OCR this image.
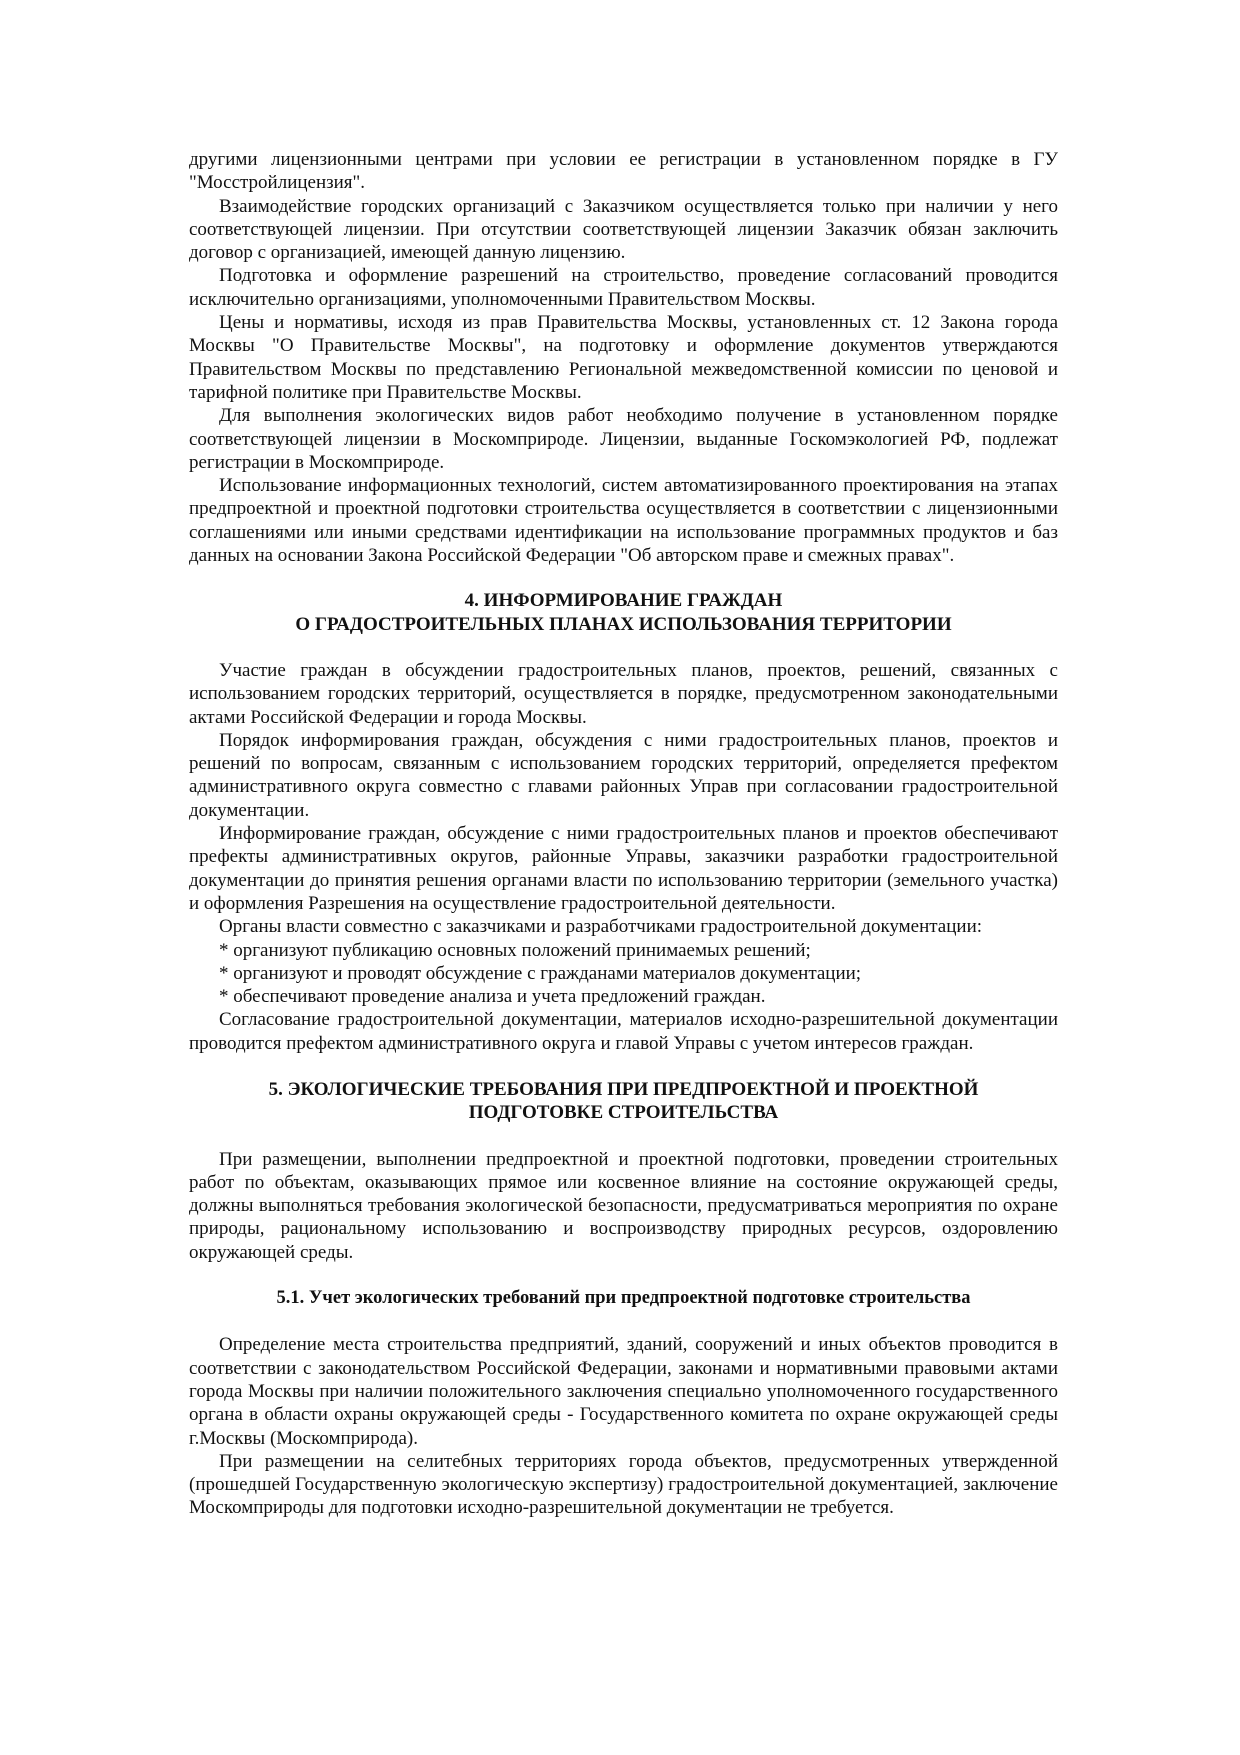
другими лицензионными центрами при условии ее регистрации в установленном порядке в ГУ "Мосстройлицензия".

Взаимодействие городских организаций с Заказчиком осуществляется только при наличии у него соответствующей лицензии. При отсутствии соответствующей лицензии Заказчик обязан заключить договор с организацией, имеющей данную лицензию.

Подготовка и оформление разрешений на строительство, проведение согласований проводится исключительно организациями, уполномоченными Правительством Москвы.

Цены и нормативы, исходя из прав Правительства Москвы, установленных ст. 12 Закона города Москвы "О Правительстве Москвы", на подготовку и оформление документов утверждаются Правительством Москвы по представлению Региональной межведомственной комиссии по ценовой и тарифной политике при Правительстве Москвы.

Для выполнения экологических видов работ необходимо получение в установленном порядке соответствующей лицензии в Москомприроде. Лицензии, выданные Госкомэкологией РФ, подлежат регистрации в Москомприроде.

Использование информационных технологий, систем автоматизированного проектирования на этапах предпроектной и проектной подготовки строительства осуществляется в соответствии с лицензионными соглашениями или иными средствами идентификации на использование программных продуктов и баз данных на основании Закона Российской Федерации "Об авторском праве и смежных правах".

4. ИНФОРМИРОВАНИЕ ГРАЖДАН
О ГРАДОСТРОИТЕЛЬНЫХ ПЛАНАХ ИСПОЛЬЗОВАНИЯ ТЕРРИТОРИИ

Участие граждан в обсуждении градостроительных планов, проектов, решений, связанных с использованием городских территорий, осуществляется в порядке, предусмотренном законодательными актами Российской Федерации и города Москвы.

Порядок информирования граждан, обсуждения с ними градостроительных планов, проектов и решений по вопросам, связанным с использованием городских территорий, определяется префектом административного округа совместно с главами районных Управ при согласовании градостроительной документации.

Информирование граждан, обсуждение с ними градостроительных планов и проектов обеспечивают префекты административных округов, районные Управы, заказчики разработки градостроительной документации до принятия решения органами власти по использованию территории (земельного участка) и оформления Разрешения на осуществление градостроительной деятельности.

Органы власти совместно с заказчиками и разработчиками градостроительной документации:

* организуют публикацию основных положений принимаемых решений;

* организуют и проводят обсуждение с гражданами материалов документации;

* обеспечивают проведение анализа и учета предложений граждан.

Согласование градостроительной документации, материалов исходно-разрешительной документации проводится префектом административного округа и главой Управы с учетом интересов граждан.

5. ЭКОЛОГИЧЕСКИЕ ТРЕБОВАНИЯ ПРИ ПРЕДПРОЕКТНОЙ И ПРОЕКТНОЙ
ПОДГОТОВКЕ СТРОИТЕЛЬСТВА

При размещении, выполнении предпроектной и проектной подготовки, проведении строительных работ по объектам, оказывающих прямое или косвенное влияние на состояние окружающей среды, должны выполняться требования экологической безопасности, предусматриваться мероприятия по охране природы, рациональному использованию и воспроизводству природных ресурсов, оздоровлению окружающей среды.

5.1. Учет экологических требований при предпроектной подготовке строительства

Определение места строительства предприятий, зданий, сооружений и иных объектов проводится в соответствии с законодательством Российской Федерации, законами и нормативными правовыми актами города Москвы при наличии положительного заключения специально уполномоченного государственного органа в области охраны окружающей среды - Государственного комитета по охране окружающей среды г.Москвы (Москомприрода).

При размещении на селитебных территориях города объектов, предусмотренных утвержденной (прошедшей Государственную экологическую экспертизу) градостроительной документацией, заключение Москомприроды для подготовки исходно-разрешительной документации не требуется.
